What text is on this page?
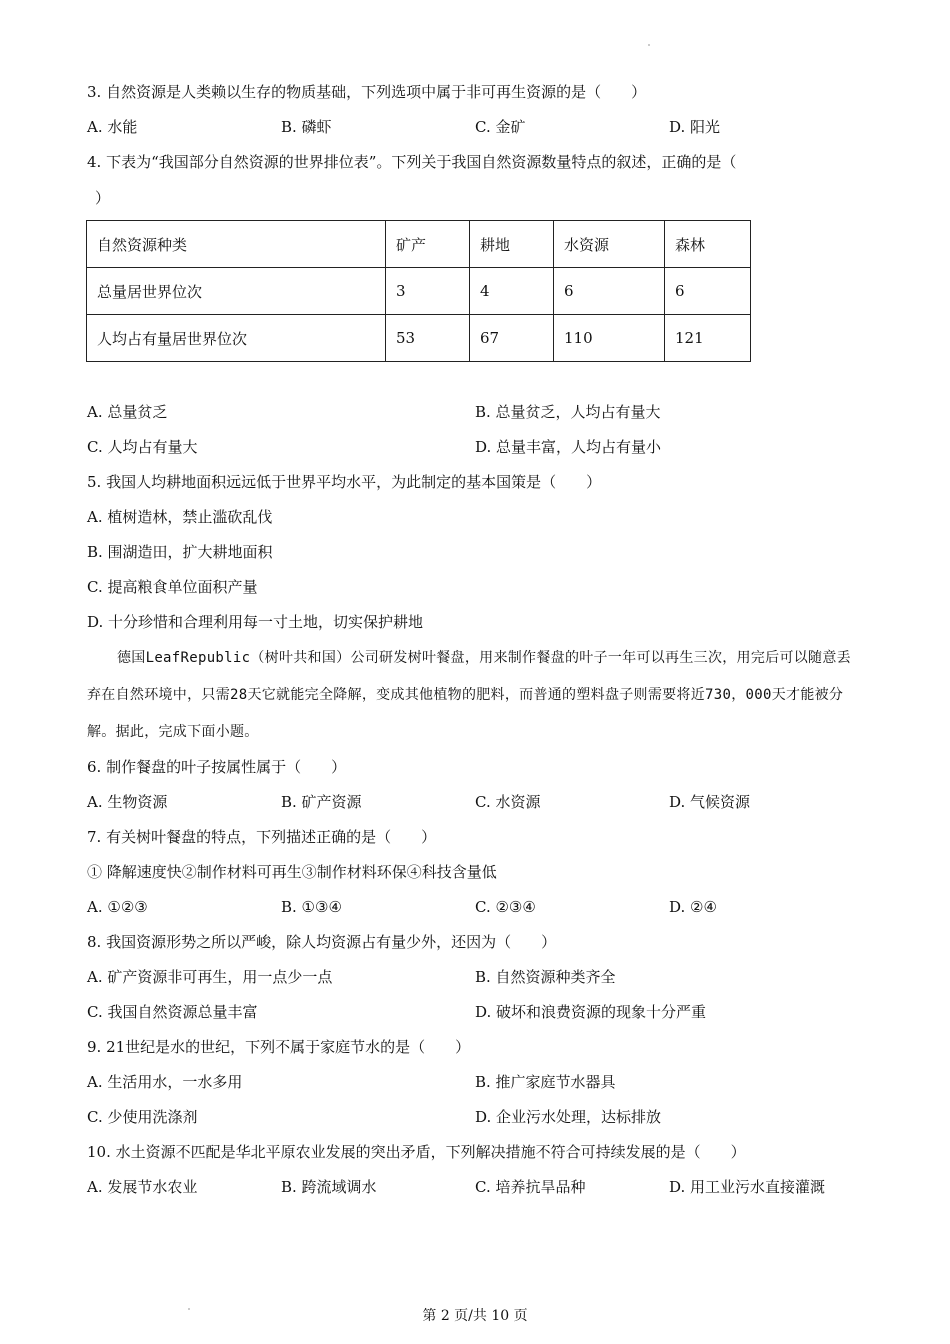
3. 自然资源是人类赖以生存的物质基础，下列选项中属于非可再生资源的是（　　）
A. 水能	B. 磷虾	C. 金矿	D. 阳光
4. 下表为“我国部分自然资源的世界排位表”。下列关于我国自然资源数量特点的叙述，正确的是（
）
自然资源种类	矿产	耕地	水资源	森林
总量居世界位次	3	4	6	6
人均占有量居世界位次	53	67	110	121
A. 总量贫乏	B. 总量贫乏，人均占有量大
C. 人均占有量大	D. 总量丰富，人均占有量小
5. 我国人均耕地面积远远低于世界平均水平，为此制定的基本国策是（　　）
A. 植树造林，禁止滥砍乱伐
B. 围湖造田，扩大耕地面积
C. 提高粮食单位面积产量
D. 十分珍惜和合理利用每一寸土地，切实保护耕地
德国LeafRepublic（树叶共和国）公司研发树叶餐盘，用来制作餐盘的叶子一年可以再生三次，用完后可以随意丢弃在自然环境中，只需28天它就能完全降解，变成其他植物的肥料，而普通的塑料盘子则需要将近730，000天才能被分解。据此，完成下面小题。
6. 制作餐盘的叶子按属性属于（　　）
A. 生物资源	B. 矿产资源	C. 水资源	D. 气候资源
7. 有关树叶餐盘的特点，下列描述正确的是（　　）
① 降解速度快②制作材料可再生③制作材料环保④科技含量低
A. ①②③	B. ①③④	C. ②③④	D. ②④
8. 我国资源形势之所以严峻，除人均资源占有量少外，还因为（　　）
A. 矿产资源非可再生，用一点少一点	B. 自然资源种类齐全
C. 我国自然资源总量丰富	D. 破坏和浪费资源的现象十分严重
9. 21世纪是水的世纪，下列不属于家庭节水的是（　　）
A. 生活用水，一水多用	B. 推广家庭节水器具
C. 少使用洗涤剂	D. 企业污水处理，达标排放
10. 水土资源不匹配是华北平原农业发展的突出矛盾，下列解决措施不符合可持续发展的是（　　）
A. 发展节水农业	B. 跨流域调水	C. 培养抗旱品种	D. 用工业污水直接灌溉
第 2 页/共 10 页
